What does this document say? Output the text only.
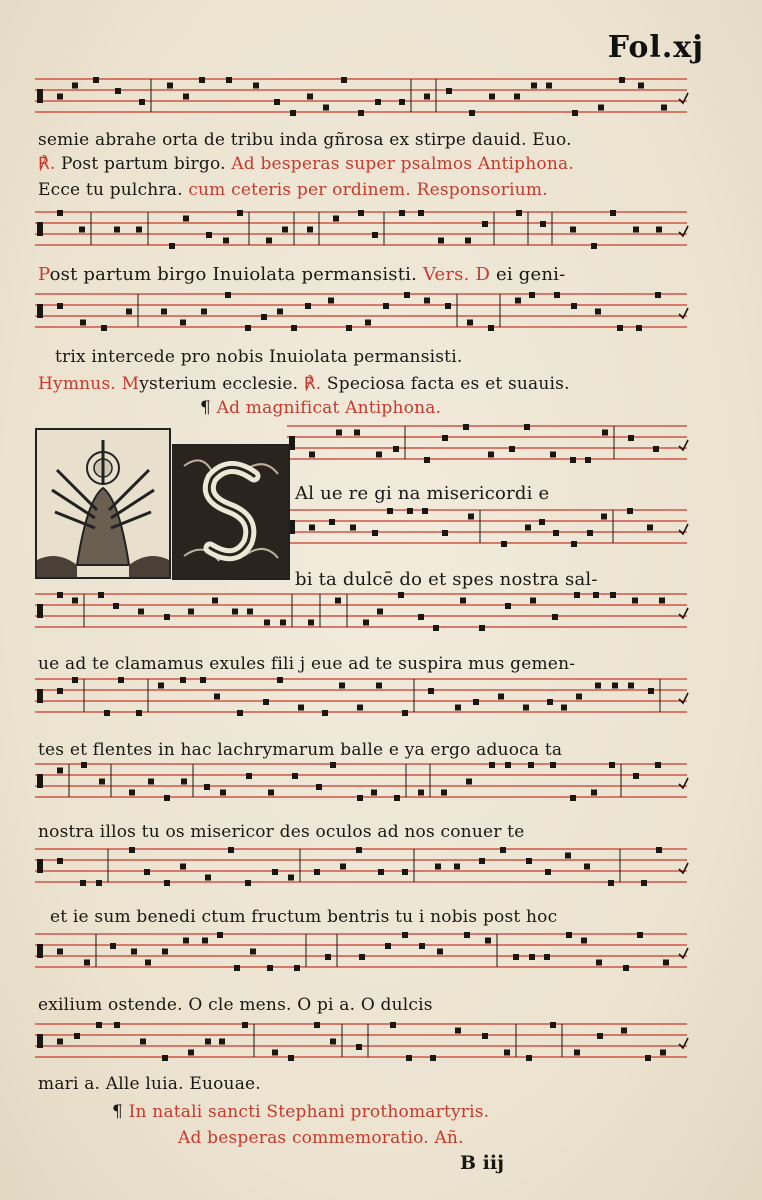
Fol.xj
semie abrahe orta de tribu inda gñrosa ex stirpe dauid. Euo.
℟. Post partum birgo. Ad besperas super psalmos Antiphona.
Ecce tu pulchra. cum ceteris per ordinem. Responsorium.
Post partum birgo Inuiolata permansisti. Vers. D ei geni-
trix intercede pro nobis Inuiolata permansisti.
Hymnus. Mysterium ecclesie. ℟. Speciosa facta es et suauis.
¶ Ad magnificat Antiphona.
Al ue re gi na misericordi e
bi ta dulcē do et spes nostra sal-
ue ad te clamamus exules fili j eue ad te suspira mus gemen-
tes et flentes in hac lachrymarum balle e ya ergo aduoca ta
nostra illos tu os misericor des oculos ad nos conuer te
et ie sum benedi ctum fructum bentris tu i nobis post hoc
exilium ostende. O cle mens. O pi a. O dulcis
mari a. Alle luia. Euouae.
¶ In natali sancti Stephani prothomartyris.
Ad besperas commemoratio. Añ.
B iij
